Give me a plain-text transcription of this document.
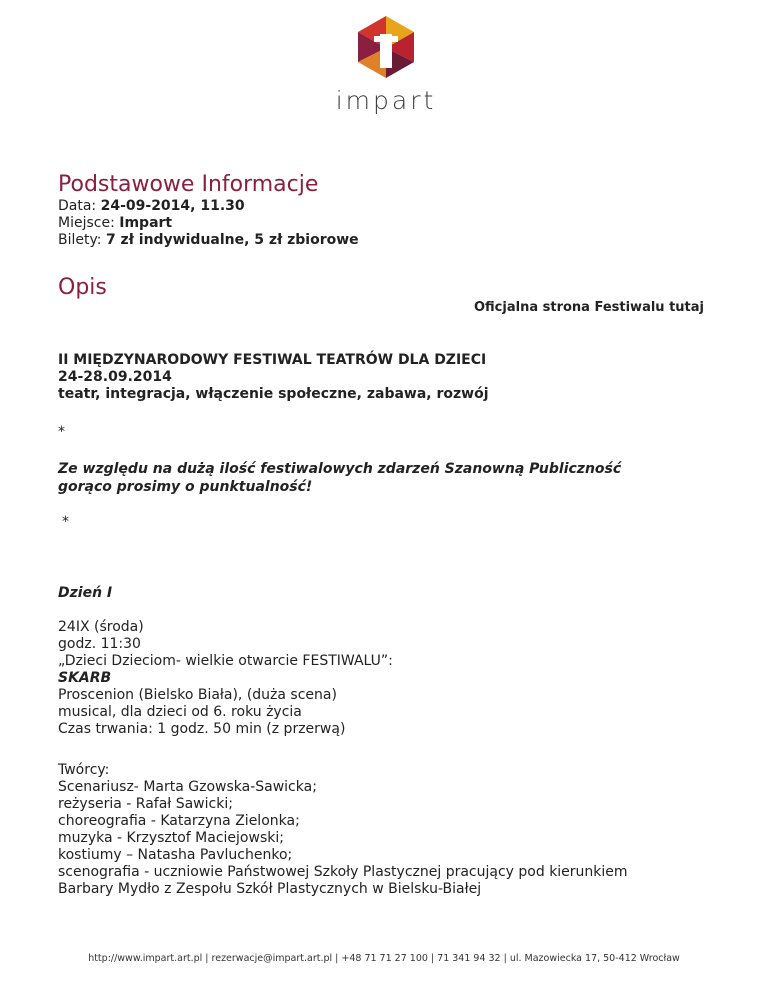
impart
Podstawowe Informacje
Data: 24-09-2014, 11.30
Miejsce: Impart
Bilety: 7 zł indywidualne, 5 zł zbiorowe
Opis
Oficjalna strona Festiwalu tutaj
II MIĘDZYNARODOWY FESTIWAL TEATRÓW DLA DZIECI
24-28.09.2014
teatr, integracja, włączenie społeczne, zabawa, rozwój
*
Ze względu na dużą ilość festiwalowych zdarzeń Szanowną Publiczność
gorąco prosimy o punktualność!
*
Dzień I
24IX (środa)
godz. 11:30
„Dzieci Dzieciom- wielkie otwarcie FESTIWALU”:
SKARB
Proscenion (Bielsko Biała), (duża scena)
musical, dla dzieci od 6. roku życia
Czas trwania: 1 godz. 50 min (z przerwą)
Twórcy:
Scenariusz- Marta Gzowska-Sawicka;
reżyseria - Rafał Sawicki;
choreografia - Katarzyna Zielonka;
muzyka - Krzysztof Maciejowski;
kostiumy – Natasha Pavluchenko;
scenografia - uczniowie Państwowej Szkoły Plastycznej pracujący pod kierunkiem
Barbary Mydło z Zespołu Szkół Plastycznych w Bielsku-Białej
http://www.impart.art.pl | rezerwacje@impart.art.pl | +48 71 71 27 100 | 71 341 94 32 | ul. Mazowiecka 17, 50-412 Wrocław
